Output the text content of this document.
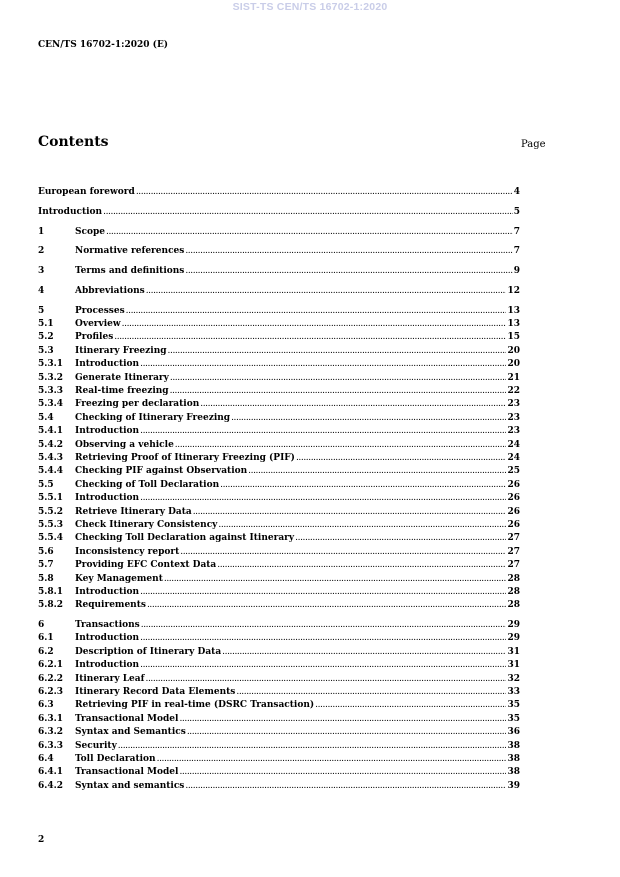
SIST-TS CEN/TS 16702-1:2020
CEN/TS 16702-1:2020 (E)
Contents	Page
European foreword .....	4
Introduction .....	5
1	Scope .....	7
2	Normative references .....	7
3	Terms and definitions .....	9
4	Abbreviations .....	12
5	Processes .....	13
5.1	Overview .....	13
5.2	Profiles .....	15
5.3	Itinerary Freezing .....	20
5.3.1	Introduction .....	20
5.3.2	Generate Itinerary .....	21
5.3.3	Real-time freezing .....	22
5.3.4	Freezing per declaration .....	23
5.4	Checking of Itinerary Freezing .....	23
5.4.1	Introduction .....	23
5.4.2	Observing a vehicle .....	24
5.4.3	Retrieving Proof of Itinerary Freezing (PIF) .....	24
5.4.4	Checking PIF against Observation .....	25
5.5	Checking of Toll Declaration .....	26
5.5.1	Introduction .....	26
5.5.2	Retrieve Itinerary Data .....	26
5.5.3	Check Itinerary Consistency .....	26
5.5.4	Checking Toll Declaration against Itinerary .....	27
5.6	Inconsistency report .....	27
5.7	Providing EFC Context Data .....	27
5.8	Key Management .....	28
5.8.1	Introduction .....	28
5.8.2	Requirements .....	28
6	Transactions .....	29
6.1	Introduction .....	29
6.2	Description of Itinerary Data .....	31
6.2.1	Introduction .....	31
6.2.2	Itinerary Leaf .....	32
6.2.3	Itinerary Record Data Elements .....	33
6.3	Retrieving PIF in real-time (DSRC Transaction) .....	35
6.3.1	Transactional Model .....	35
6.3.2	Syntax and Semantics .....	36
6.3.3	Security .....	38
6.4	Toll Declaration .....	38
6.4.1	Transactional Model .....	38
6.4.2	Syntax and semantics .....	39
2
